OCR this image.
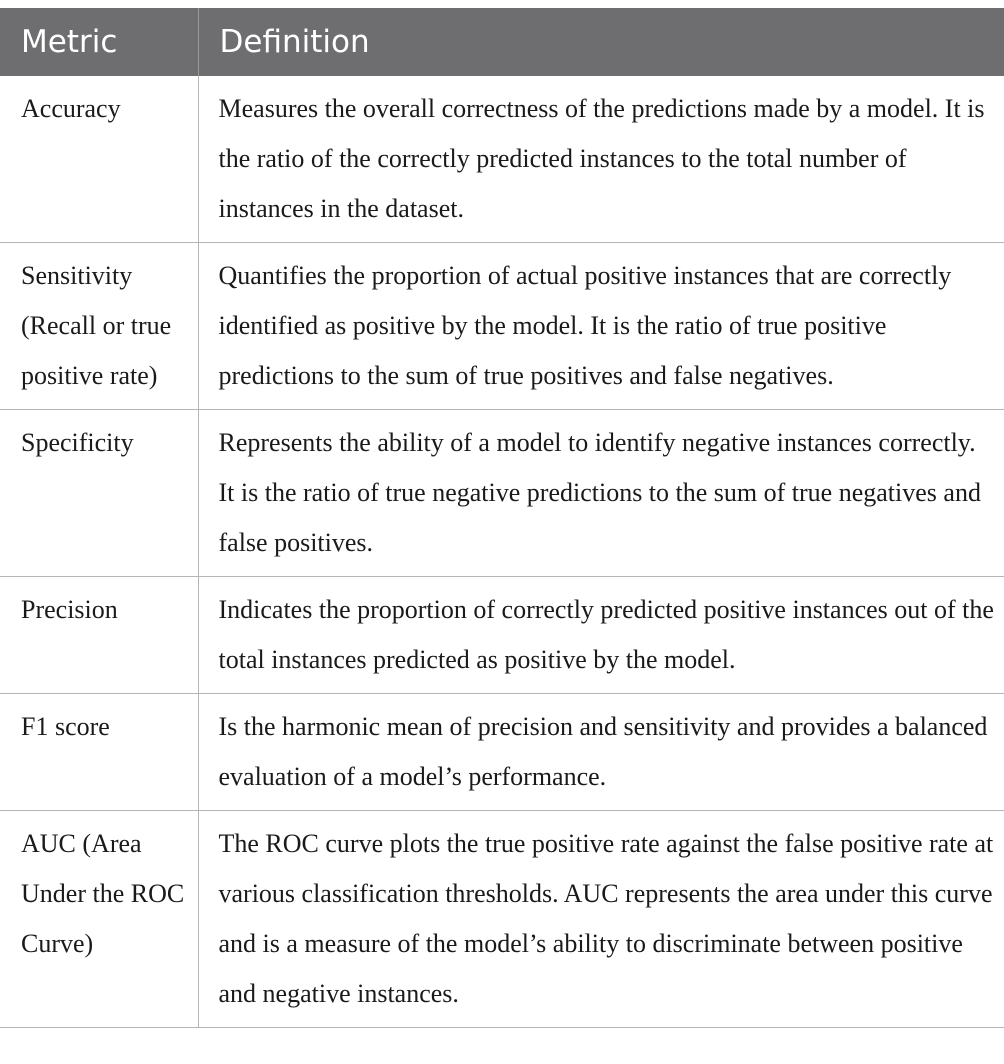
Metric	Definition
Accuracy	Measures the overall correctness of the predictions made by a model. It is the ratio of the correctly predicted instances to the total number of instances in the dataset.
Sensitivity (Recall or true positive rate)	Quantifies the proportion of actual positive instances that are correctly identified as positive by the model. It is the ratio of true positive predictions to the sum of true positives and false negatives.
Specificity	Represents the ability of a model to identify negative instances correctly. It is the ratio of true negative predictions to the sum of true negatives and false positives.
Precision	Indicates the proportion of correctly predicted positive instances out of the total instances predicted as positive by the model.
F1 score	Is the harmonic mean of precision and sensitivity and provides a balanced evaluation of a model’s performance.
AUC (Area Under the ROC Curve)	The ROC curve plots the true positive rate against the false positive rate at various classification thresholds. AUC represents the area under this curve and is a measure of the model’s ability to discriminate between positive and negative instances.
